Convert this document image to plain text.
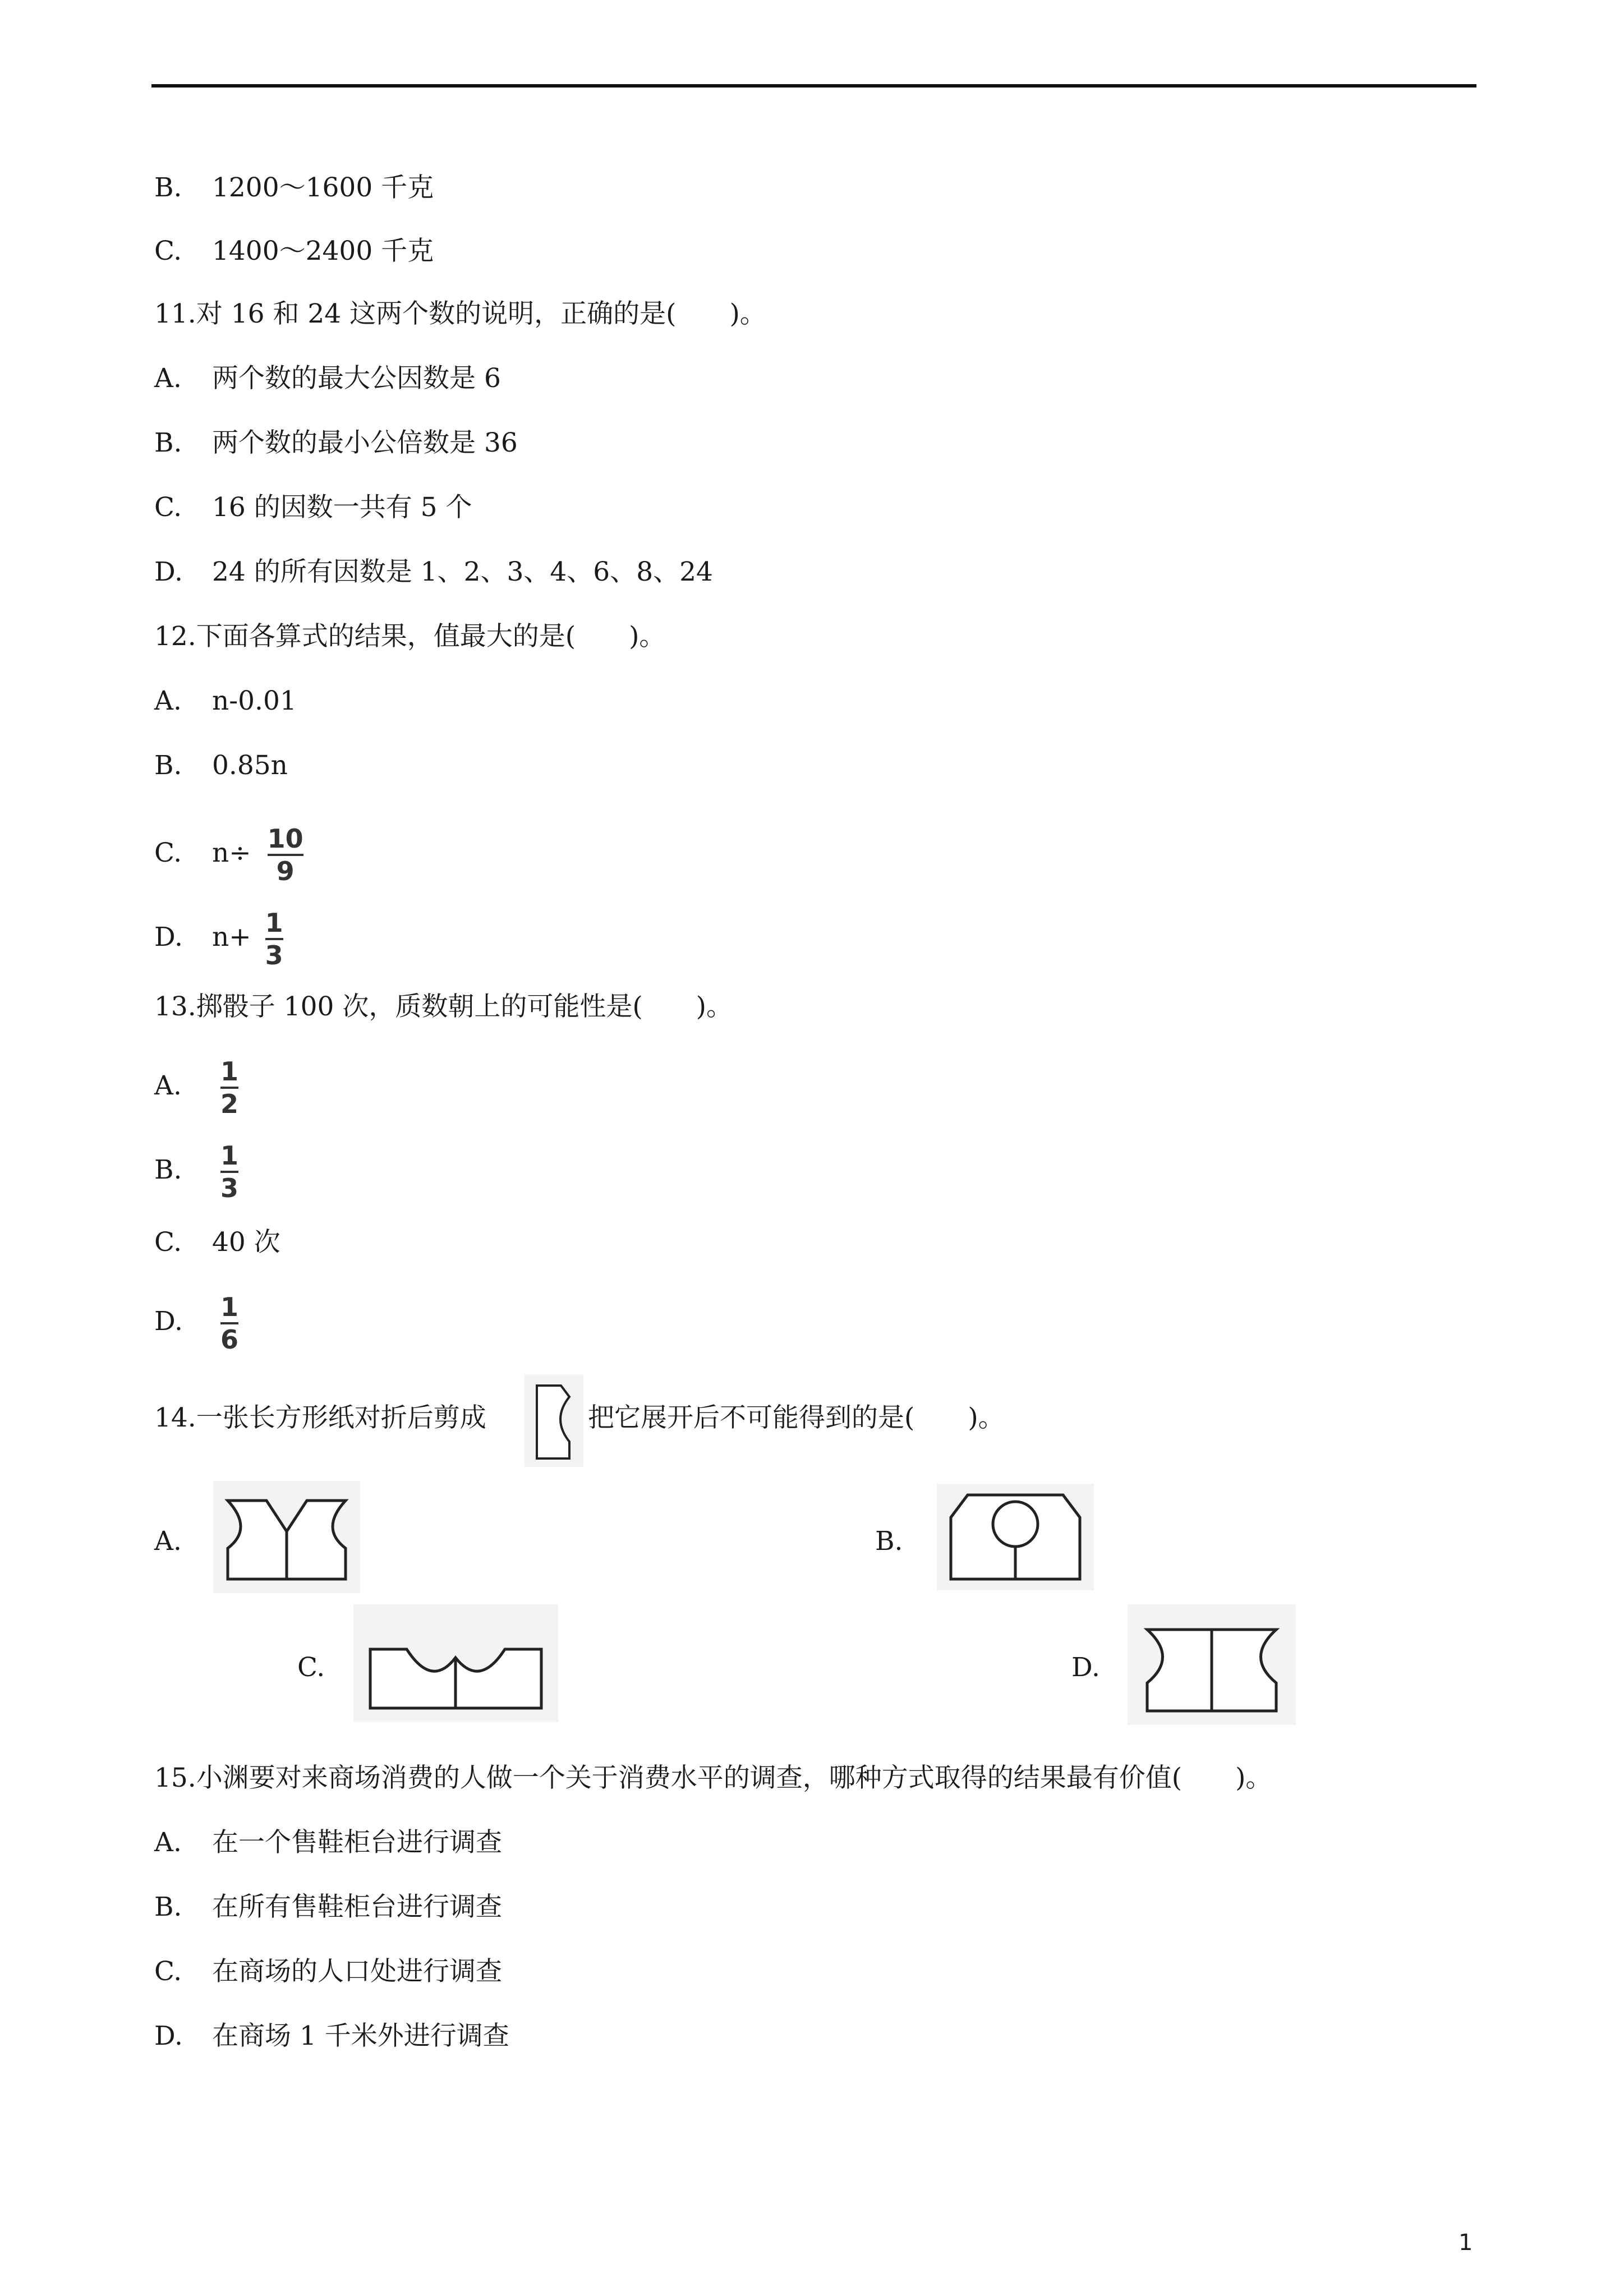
B. 1200～1600 千克
C. 1400～2400 千克
11.对 16 和 24 这两个数的说明，正确的是( )。
A. 两个数的最大公因数是 6
B. 两个数的最小公倍数是 36
C. 16 的因数一共有 5 个
D. 24 的所有因数是 1、2、3、4、6、8、24
12.下面各算式的结果，值最大的是( )。
A. n-0.01
B. 0.85n
C. $n\div \frac{10}{9}$
D. $n+ \frac{1}{3}$
13.掷骰子 100 次，质数朝上的可能性是( )。
A. $\frac{1}{2}$
B. $\frac{1}{3}$
C. 40 次
D. $\frac{1}{6}$
14.一张长方形纸对折后剪成	把它展开后不可能得到的是( )。
A.	B.
C.	D.
15.小渊要对来商场消费的人做一个关于消费水平的调查，哪种方式取得的结果最有价值( )。
A. 在一个售鞋柜台进行调查
B. 在所有售鞋柜台进行调查
C. 在商场的人口处进行调查
D. 在商场 1 千米外进行调查
1
